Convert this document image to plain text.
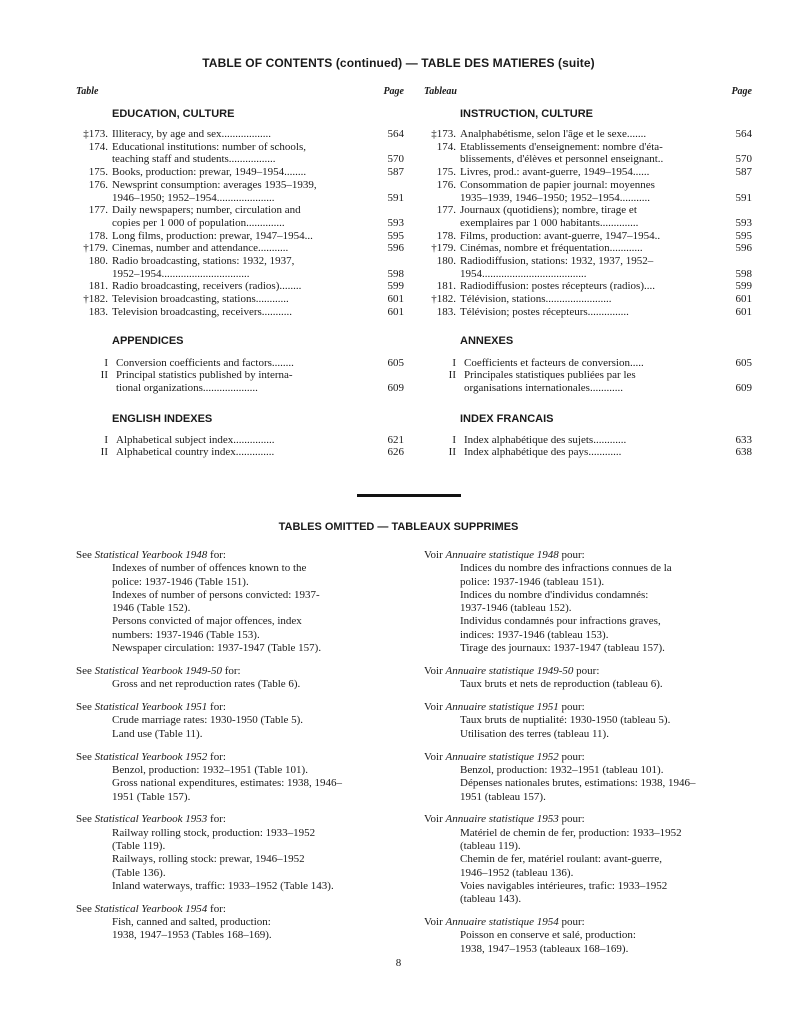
TABLE OF CONTENTS (continued) — TABLE DES MATIERES (suite)
Table	Page
EDUCATION, CULTURE
‡173. Illiteracy, by age and sex..................	564
174. Educational institutions: number of schools,
teaching staff and students.................	570
175. Books, production: prewar, 1949–1954........	587
176. Newsprint consumption: averages 1935–1939,
1946–1950; 1952–1954.....................	591
177. Daily newspapers; number, circulation and
copies per 1 000 of population..............	593
178. Long films, production: prewar, 1947–1954...	595
†179. Cinemas, number and attendance...........	596
180. Radio broadcasting, stations: 1932, 1937,
1952–1954................................	598
181. Radio broadcasting, receivers (radios)........	599
†182. Television broadcasting, stations............	601
183. Television broadcasting, receivers...........	601
APPENDICES
I Conversion coefficients and factors........	605
II Principal statistics published by interna-
tional organizations....................	609
ENGLISH INDEXES
I Alphabetical subject index...............	621
II Alphabetical country index..............	626
Tableau	Page
INSTRUCTION, CULTURE
‡173. Analphabétisme, selon l'âge et le sexe.......	564
174. Etablissements d'enseignement: nombre d'éta-
blissements, d'élèves et personnel enseignant..	570
175. Livres, prod.: avant-guerre, 1949–1954......	587
176. Consommation de papier journal: moyennes
1935–1939, 1946–1950; 1952–1954...........	591
177. Journaux (quotidiens); nombre, tirage et
exemplaires par 1 000 habitants..............	593
178. Films, production: avant-guerre, 1947–1954..	595
†179. Cinémas, nombre et fréquentation............	596
180. Radiodiffusion, stations: 1932, 1937, 1952–
1954......................................	598
181. Radiodiffusion: postes récepteurs (radios)....	599
†182. Télévision, stations........................	601
183. Télévision; postes récepteurs...............	601
ANNEXES
I Coefficients et facteurs de conversion.....	605
II Principales statistiques publiées par les
organisations internationales............	609
INDEX FRANCAIS
I Index alphabétique des sujets............	633
II Index alphabétique des pays............	638
TABLES OMITTED — TABLEAUX SUPPRIMES
See Statistical Yearbook 1948 for:
Indexes of number of offences known to the
police: 1937-1946 (Table 151).
Indexes of number of persons convicted: 1937-
1946 (Table 152).
Persons convicted of major offences, index
numbers: 1937-1946 (Table 153).
Newspaper circulation: 1937-1947 (Table 157).
See Statistical Yearbook 1949-50 for:
Gross and net reproduction rates (Table 6).
See Statistical Yearbook 1951 for:
Crude marriage rates: 1930-1950 (Table 5).
Land use (Table 11).
See Statistical Yearbook 1952 for:
Benzol, production: 1932–1951 (Table 101).
Gross national expenditures, estimates: 1938, 1946–
1951 (Table 157).
See Statistical Yearbook 1953 for:
Railway rolling stock, production: 1933–1952
(Table 119).
Railways, rolling stock: prewar, 1946–1952
(Table 136).
Inland waterways, traffic: 1933–1952 (Table 143).
See Statistical Yearbook 1954 for:
Fish, canned and salted, production:
1938, 1947–1953 (Tables 168–169).
Voir Annuaire statistique 1948 pour:
Indices du nombre des infractions connues de la
police: 1937-1946 (tableau 151).
Indices du nombre d'individus condamnés:
1937-1946 (tableau 152).
Individus condamnés pour infractions graves,
indices: 1937-1946 (tableau 153).
Tirage des journaux: 1937-1947 (tableau 157).
Voir Annuaire statistique 1949-50 pour:
Taux bruts et nets de reproduction (tableau 6).
Voir Annuaire statistique 1951 pour:
Taux bruts de nuptialité: 1930-1950 (tableau 5).
Utilisation des terres (tableau 11).
Voir Annuaire statistique 1952 pour:
Benzol, production: 1932–1951 (tableau 101).
Dépenses nationales brutes, estimations: 1938, 1946–
1951 (tableau 157).
Voir Annuaire statistique 1953 pour:
Matériel de chemin de fer, production: 1933–1952
(tableau 119).
Chemin de fer, matériel roulant: avant-guerre,
1946–1952 (tableau 136).
Voies navigables intérieures, trafic: 1933–1952
(tableau 143).
Voir Annuaire statistique 1954 pour:
Poisson en conserve et salé, production:
1938, 1947–1953 (tableaux 168–169).
8
